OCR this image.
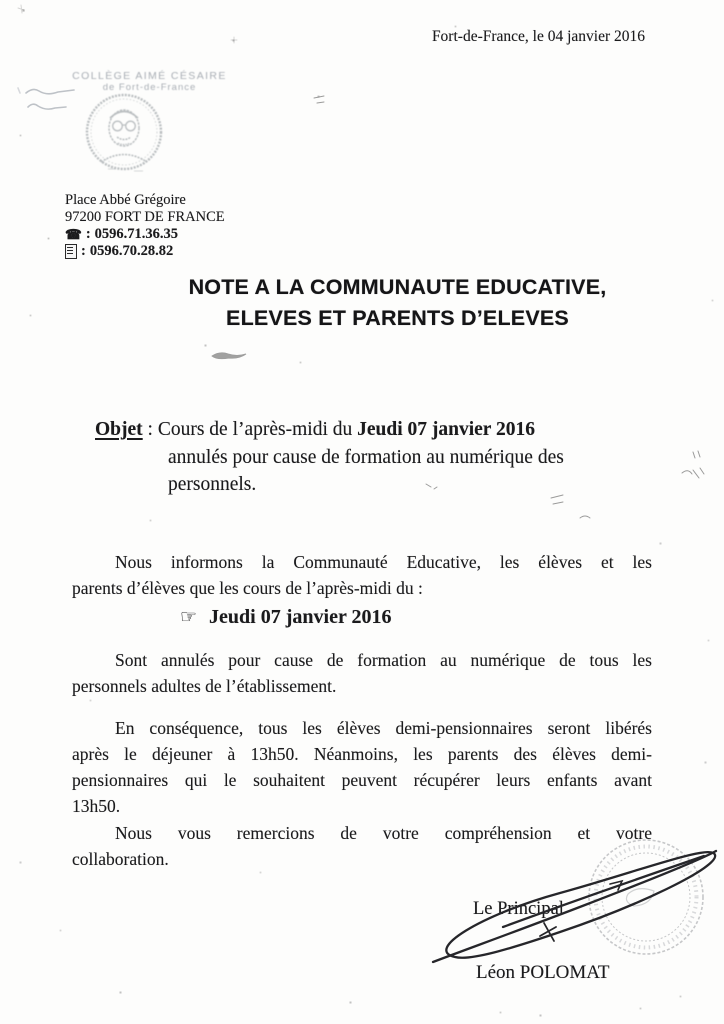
Fort-de-France, le 04 janvier 2016
COLLÈGE AIMÉ CÉSAIRE
de Fort-de-France
Place Abbé Grégoire
97200 FORT DE FRANCE
☎ : 0596.71.36.35
: 0596.70.28.82
NOTE A LA COMMUNAUTE EDUCATIVE,
ELEVES ET PARENTS D’ELEVES
Objet : Cours de l’après-midi du Jeudi 07 janvier 2016
annulés pour cause de formation au numérique des
personnels.
Nous informons la Communauté Educative, les élèves et les
parents d’élèves que les cours de l’après-midi du :
☞ Jeudi 07 janvier 2016
Sont annulés pour cause de formation au numérique de tous les
personnels adultes de l’établissement.
En conséquence, tous les élèves demi-pensionnaires seront libérés
après le déjeuner à 13h50. Néanmoins, les parents des élèves demi-
pensionnaires qui le souhaitent peuvent récupérer leurs enfants avant
13h50.
Nous vous remercions de votre compréhension et votre
collaboration.
Le Principal
Léon POLOMAT
